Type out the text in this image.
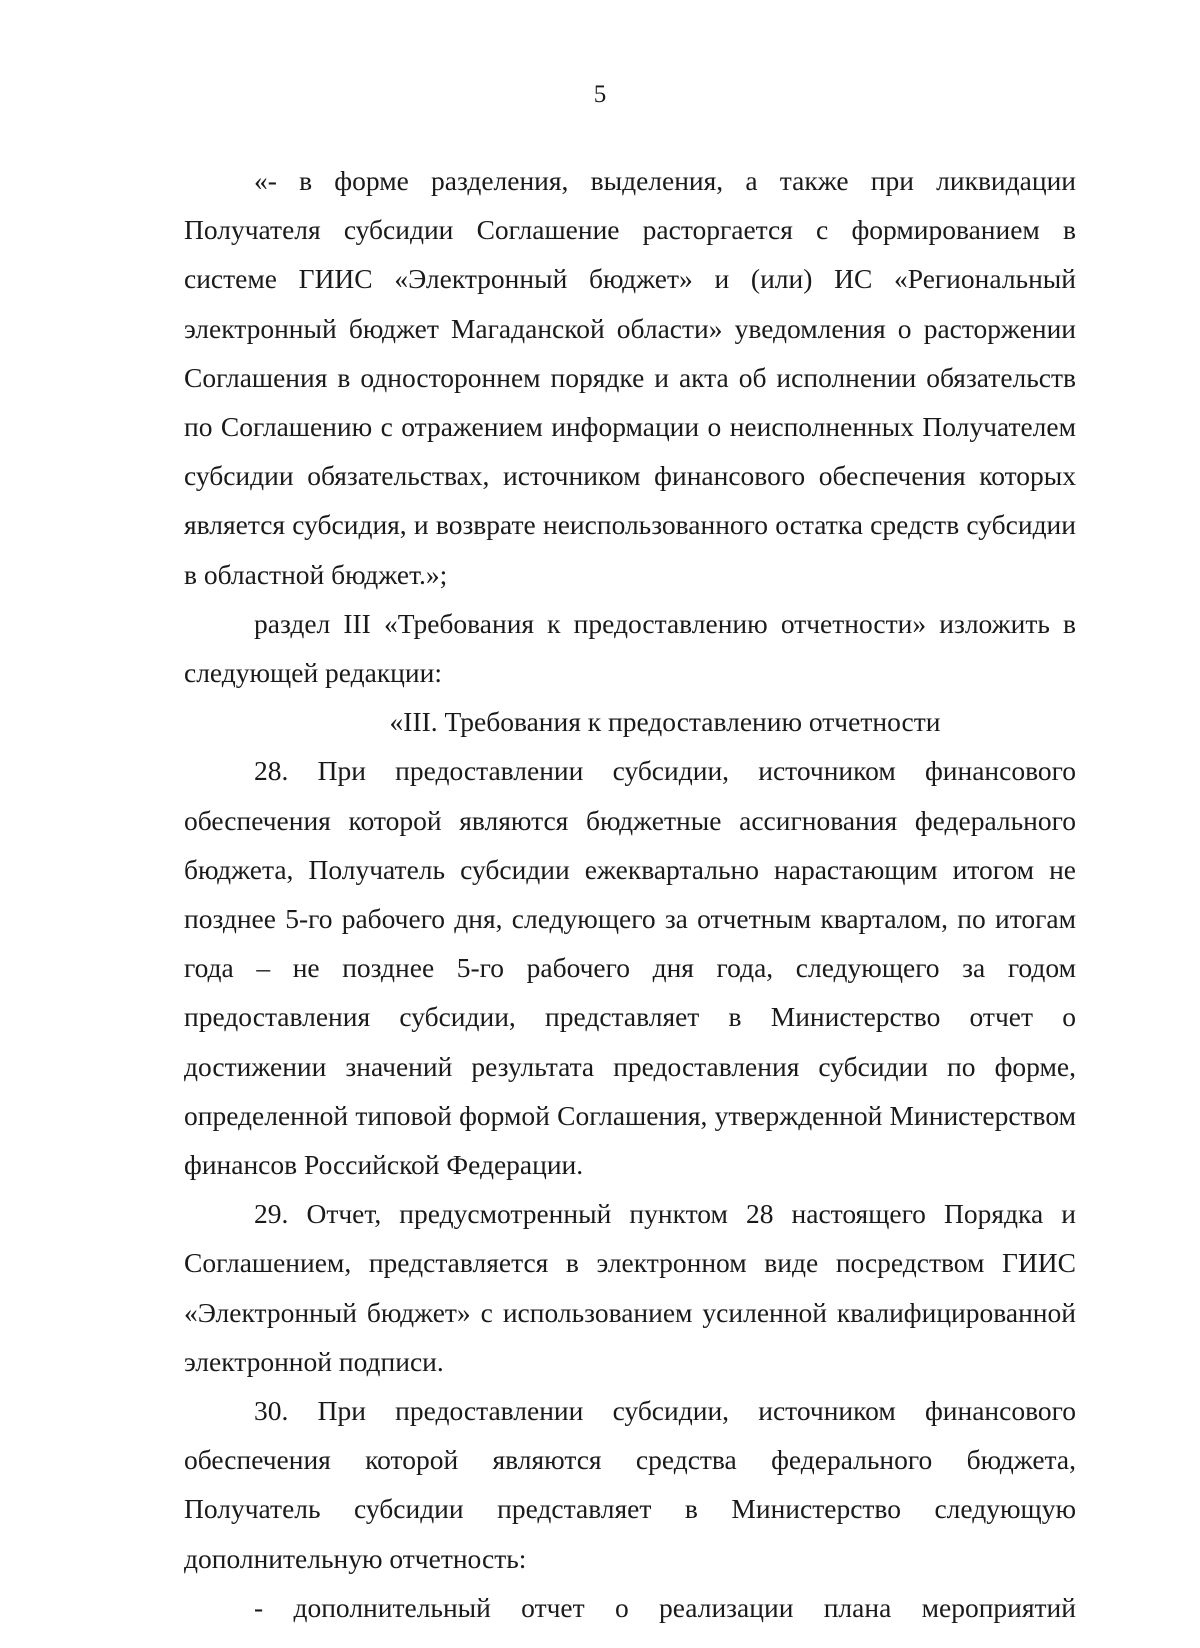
5

«- в форме разделения, выделения, а также при ликвидации Получателя субсидии Соглашение расторгается с формированием в системе ГИИС «Электронный бюджет» и (или) ИС «Региональный электронный бюджет Магаданской области» уведомления о расторжении Соглашения в одностороннем порядке и акта об исполнении обязательств по Соглашению с отражением информации о неисполненных Получателем субсидии обязательствах, источником финансового обеспечения которых является субсидия, и возврате неиспользованного остатка средств субсидии в областной бюджет.»;

раздел III «Требования к предоставлению отчетности» изложить в следующей редакции:

«III. Требования к предоставлению отчетности

28. При предоставлении субсидии, источником финансового обеспечения которой являются бюджетные ассигнования федерального бюджета, Получатель субсидии ежеквартально нарастающим итогом не позднее 5-го рабочего дня, следующего за отчетным кварталом, по итогам года – не позднее 5-го рабочего дня года, следующего за годом предоставления субсидии, представляет в Министерство отчет о достижении значений результата предоставления субсидии по форме, определенной типовой формой Соглашения, утвержденной Министерством финансов Российской Федерации.

29. Отчет, предусмотренный пунктом 28 настоящего Порядка и Соглашением, представляется в электронном виде посредством ГИИС «Электронный бюджет» с использованием усиленной квалифицированной электронной подписи.

30. При предоставлении субсидии, источником финансового обеспечения которой являются средства федерального бюджета, Получатель субсидии представляет в Министерство следующую дополнительную отчетность:

- дополнительный отчет о реализации плана мероприятий
